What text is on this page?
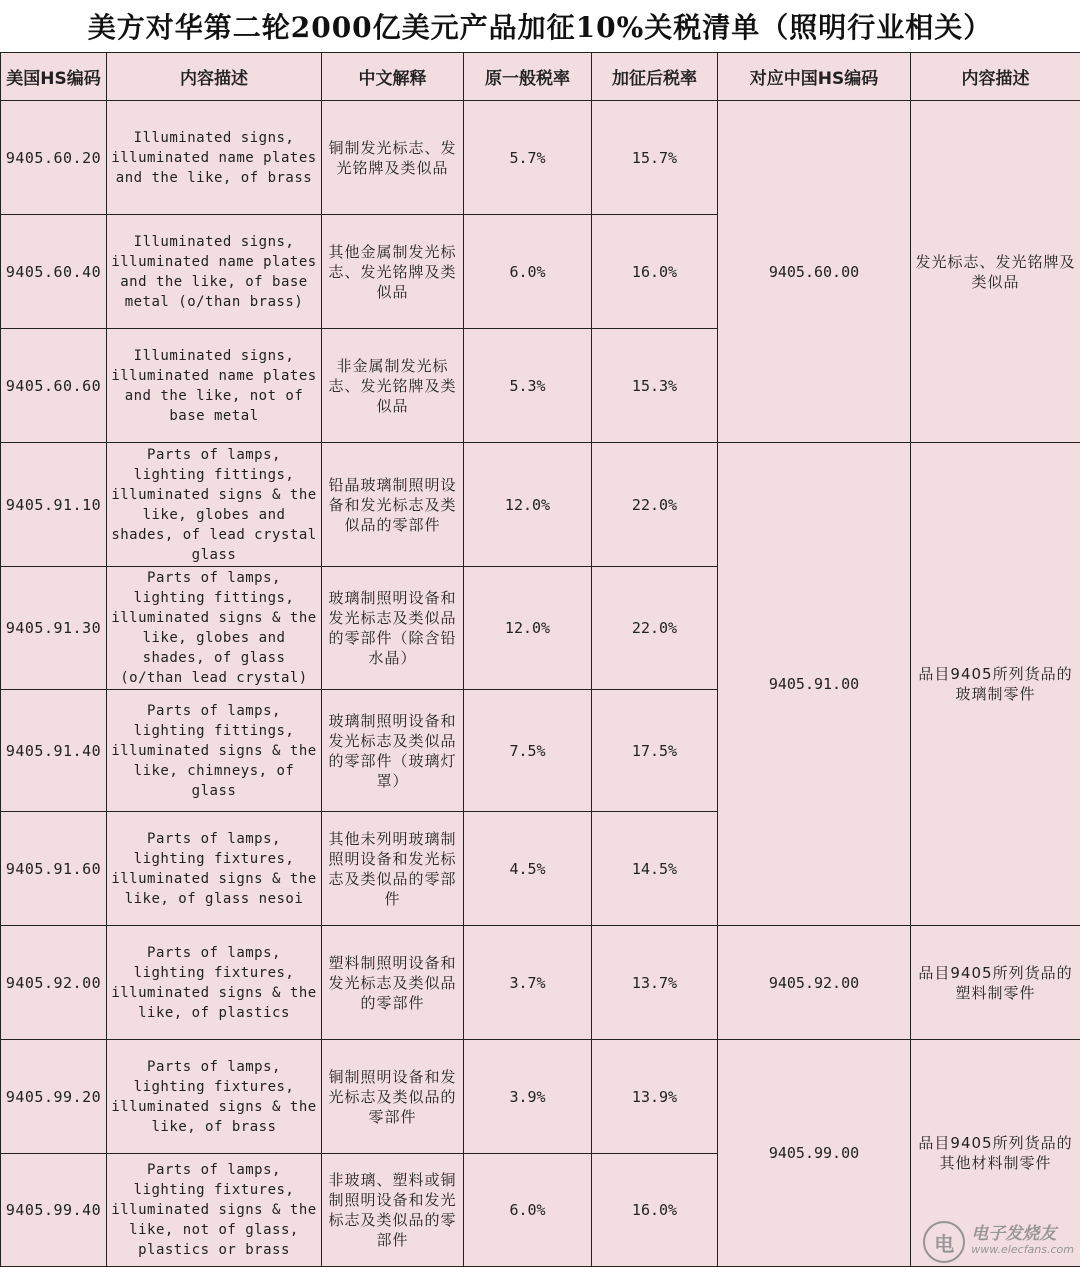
美方对华第二轮2000亿美元产品加征10%关税清单（照明行业相关）
美国HS编码	内容描述	中文解释	原一般税率	加征后税率	对应中国HS编码	内容描述
9405.60.20	Illuminated signs, illuminated name plates and the like, of brass	铜制发光标志、发光铭牌及类似品	5.7%	15.7%	9405.60.00	发光标志、发光铭牌及类似品
9405.60.40	Illuminated signs, illuminated name plates and the like, of base metal (o/than brass)	其他金属制发光标志、发光铭牌及类似品	6.0%	16.0%		
9405.60.60	Illuminated signs, illuminated name plates and the like, not of base metal	非金属制发光标志、发光铭牌及类似品	5.3%	15.3%		
9405.91.10	Parts of lamps, lighting fittings, illuminated signs & the like, globes and shades, of lead crystal glass	铅晶玻璃制照明设备和发光标志及类似品的零部件	12.0%	22.0%	9405.91.00	品目9405所列货品的玻璃制零件
9405.91.30	Parts of lamps, lighting fittings, illuminated signs & the like, globes and shades, of glass (o/than lead crystal)	玻璃制照明设备和发光标志及类似品的零部件（除含铅水晶）	12.0%	22.0%		
9405.91.40	Parts of lamps, lighting fittings, illuminated signs & the like, chimneys, of glass	玻璃制照明设备和发光标志及类似品的零部件（玻璃灯罩）	7.5%	17.5%		
9405.91.60	Parts of lamps, lighting fixtures, illuminated signs & the like, of glass nesoi	其他未列明玻璃制照明设备和发光标志及类似品的零部件	4.5%	14.5%		
9405.92.00	Parts of lamps, lighting fixtures, illuminated signs & the like, of plastics	塑料制照明设备和发光标志及类似品的零部件	3.7%	13.7%	9405.92.00	品目9405所列货品的塑料制零件
9405.99.20	Parts of lamps, lighting fixtures, illuminated signs & the like, of brass	铜制照明设备和发光标志及类似品的零部件	3.9%	13.9%	9405.99.00	品目9405所列货品的其他材料制零件
9405.99.40	Parts of lamps, lighting fixtures, illuminated signs & the like, not of glass, plastics or brass	非玻璃、塑料或铜制照明设备和发光标志及类似品的零部件	6.0%	16.0%		
电	电子发烧友
www.elecfans.com
